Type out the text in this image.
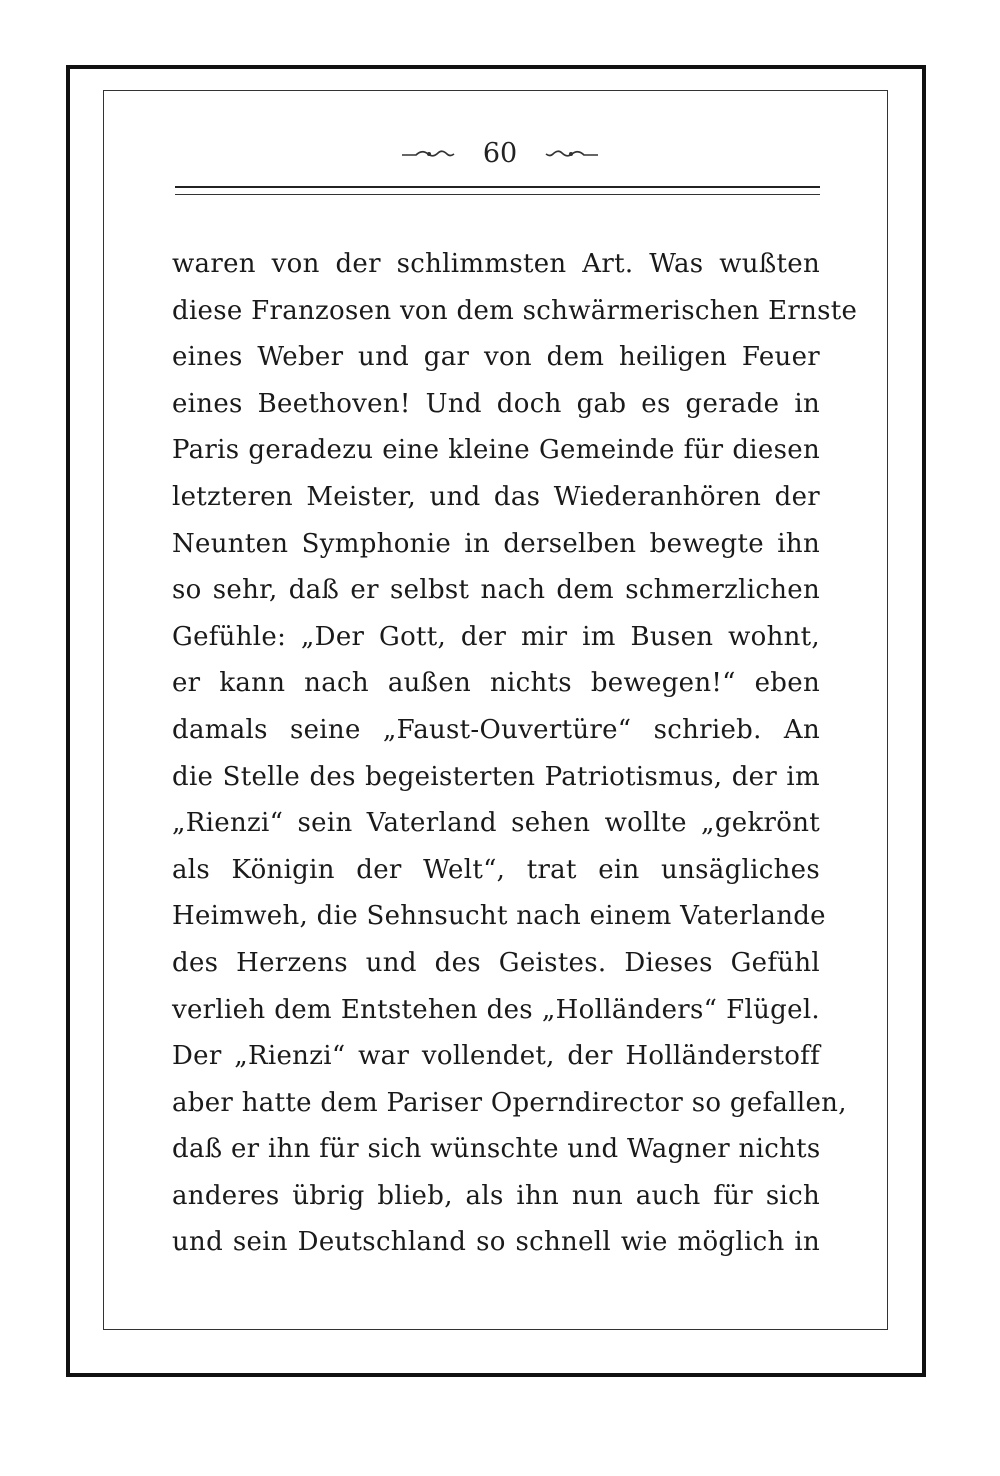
60
waren von der schlimmsten Art. Was wußten
diese Franzosen von dem schwärmerischen Ernste
eines Weber und gar von dem heiligen Feuer
eines Beethoven! Und doch gab es gerade in
Paris geradezu eine kleine Gemeinde für diesen
letzteren Meister, und das Wiederanhören der
Neunten Symphonie in derselben bewegte ihn
so sehr, daß er selbst nach dem schmerzlichen
Gefühle: „Der Gott, der mir im Busen wohnt,
er kann nach außen nichts bewegen!“ eben
damals seine „Faust-Ouvertüre“ schrieb. An
die Stelle des begeisterten Patriotismus, der im
„Rienzi“ sein Vaterland sehen wollte „gekrönt
als Königin der Welt“, trat ein unsägliches
Heimweh, die Sehnsucht nach einem Vaterlande
des Herzens und des Geistes. Dieses Gefühl
verlieh dem Entstehen des „Holländers“ Flügel.
Der „Rienzi“ war vollendet, der Holländerstoff
aber hatte dem Pariser Operndirector so gefallen,
daß er ihn für sich wünschte und Wagner nichts
anderes übrig blieb, als ihn nun auch für sich
und sein Deutschland so schnell wie möglich in
